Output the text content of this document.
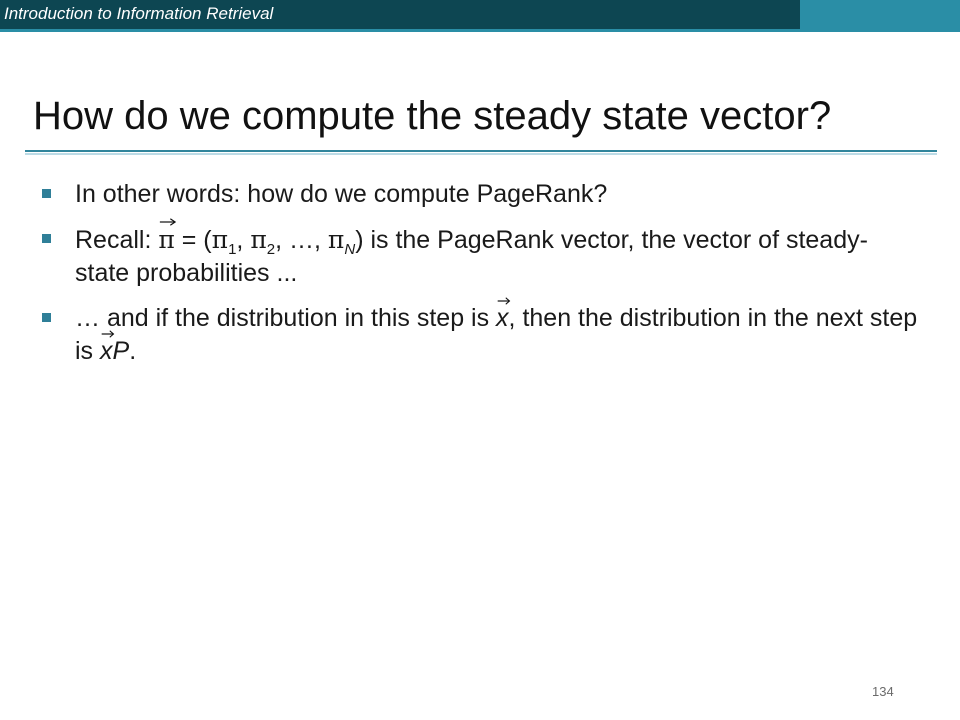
Introduction to Information Retrieval
How do we compute the steady state vector?
In other words: how do we compute PageRank?
Recall:
$\pi = (\pi_1$, $\pi_2$, …, $\pi_N$) is the PageRank vector, the vector of steady-state probabilities ...
… and if the distribution in this step is
x, then the distribution in the next step is
xP.
134
